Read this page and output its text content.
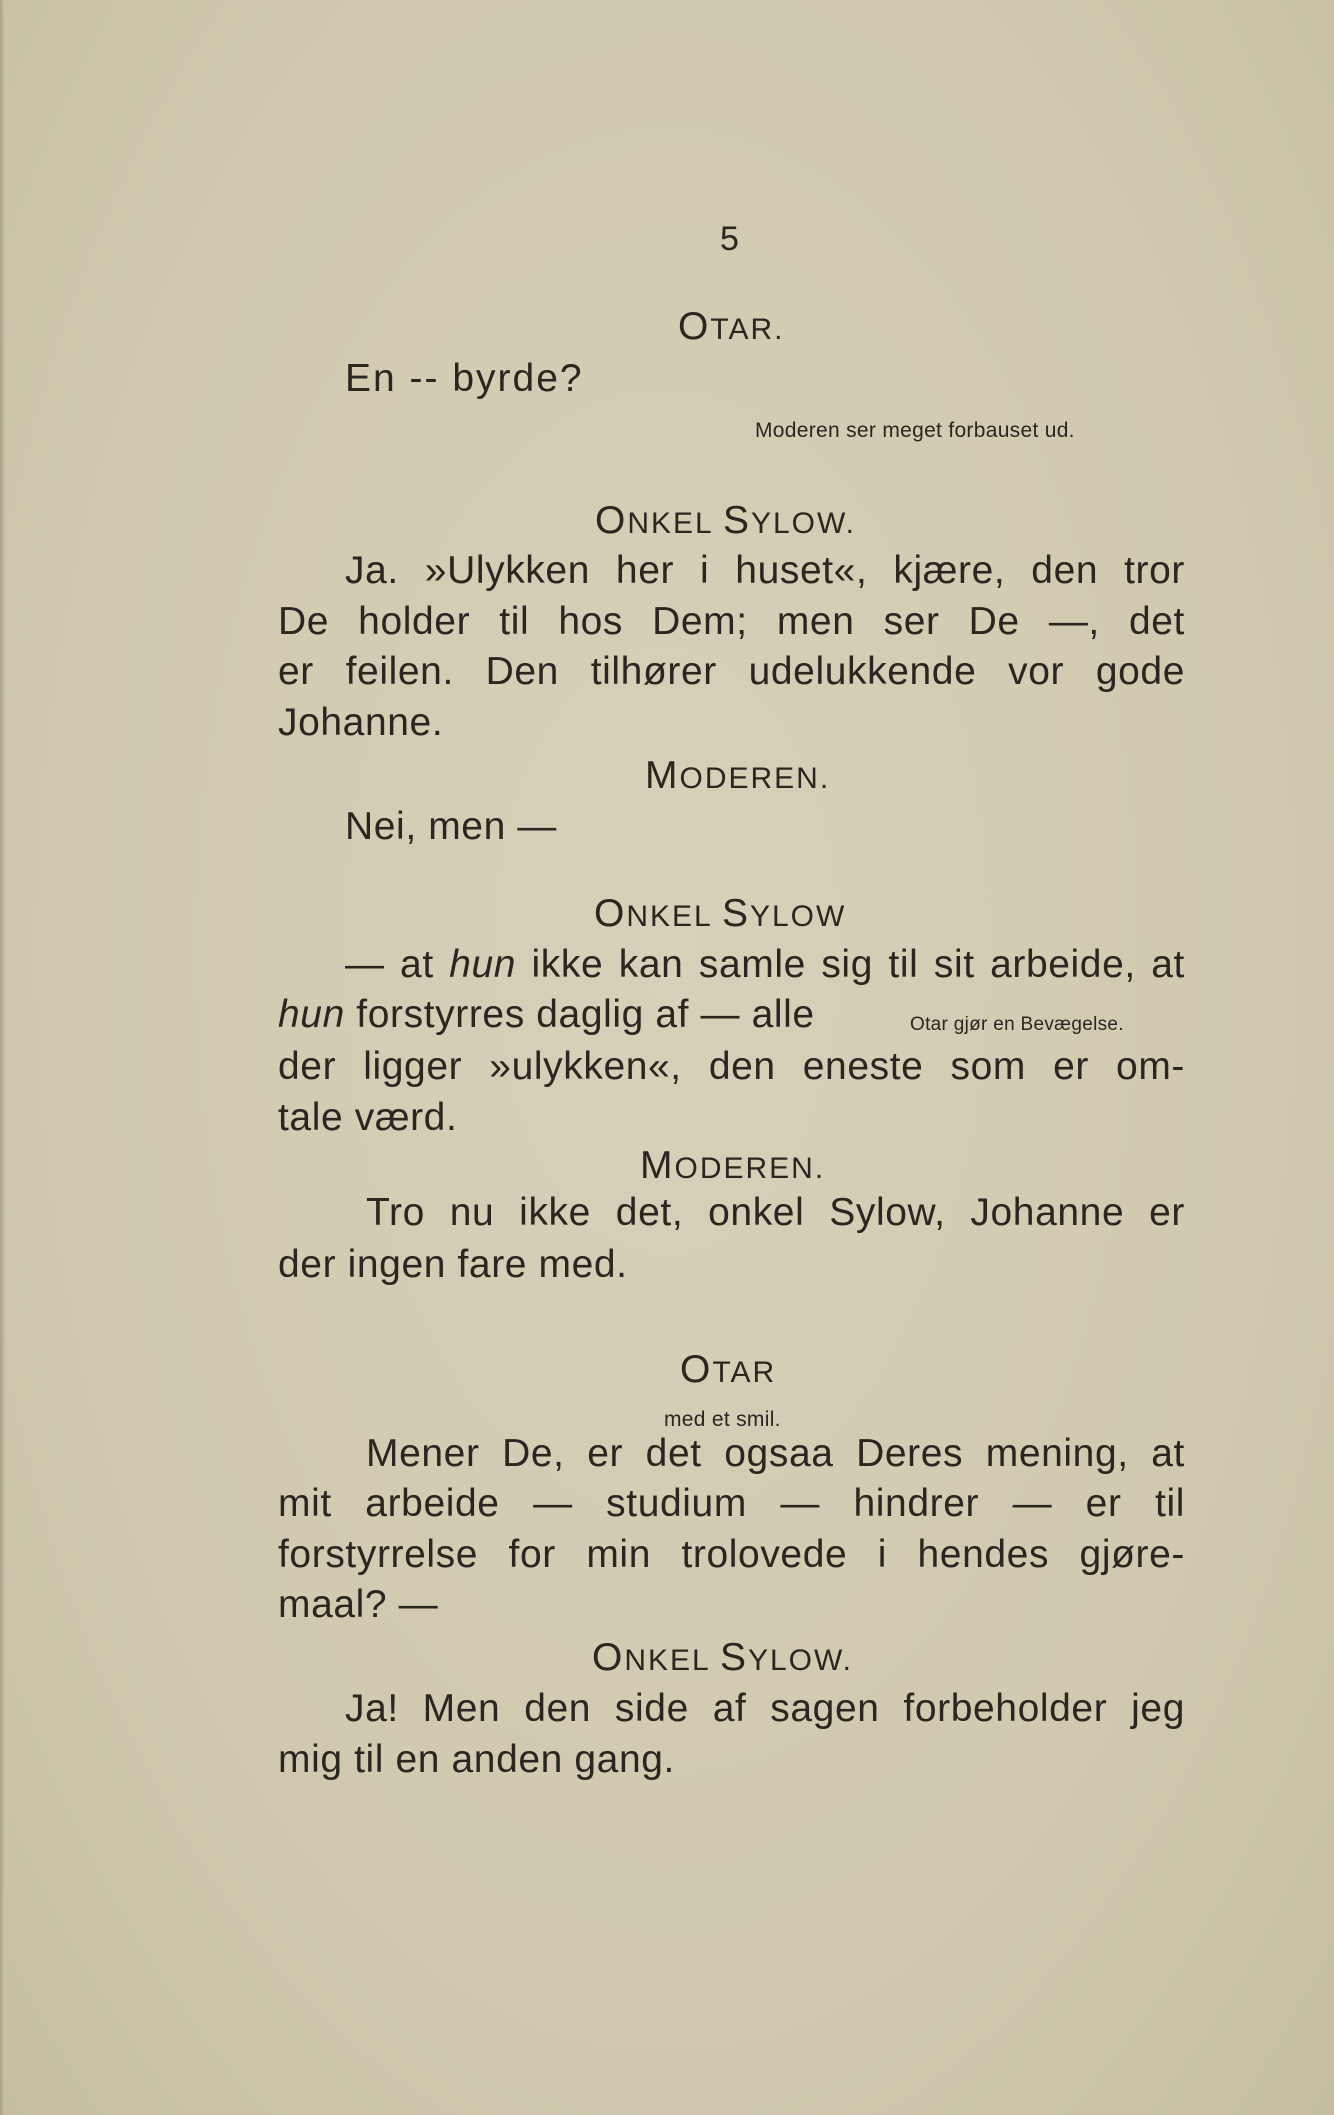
5

OTAR.

En -- byrde?

Moderen ser meget forbauset ud.

ONKEL SYLOW.

Ja. »Ulykken her i huset«, kjære, den tror

De holder til hos Dem; men ser De —, det

er feilen. Den tilhører udelukkende vor gode

Johanne.

MODEREN.

Nei, men —

ONKEL SYLOW

— at hun ikke kan samle sig til sit arbeide, at

hun forstyrres daglig af — alle	Otar gjør en Bevægelse.

der ligger »ulykken«, den eneste som er om-

tale værd.

MODEREN.

Tro nu ikke det, onkel Sylow, Johanne er

der ingen fare med.

OTAR

med et smil.

Mener De, er det ogsaa Deres mening, at

mit arbeide — studium — hindrer — er til

forstyrrelse for min trolovede i hendes gjøre-

maal? —

ONKEL SYLOW.

Ja! Men den side af sagen forbeholder jeg

mig til en anden gang.
